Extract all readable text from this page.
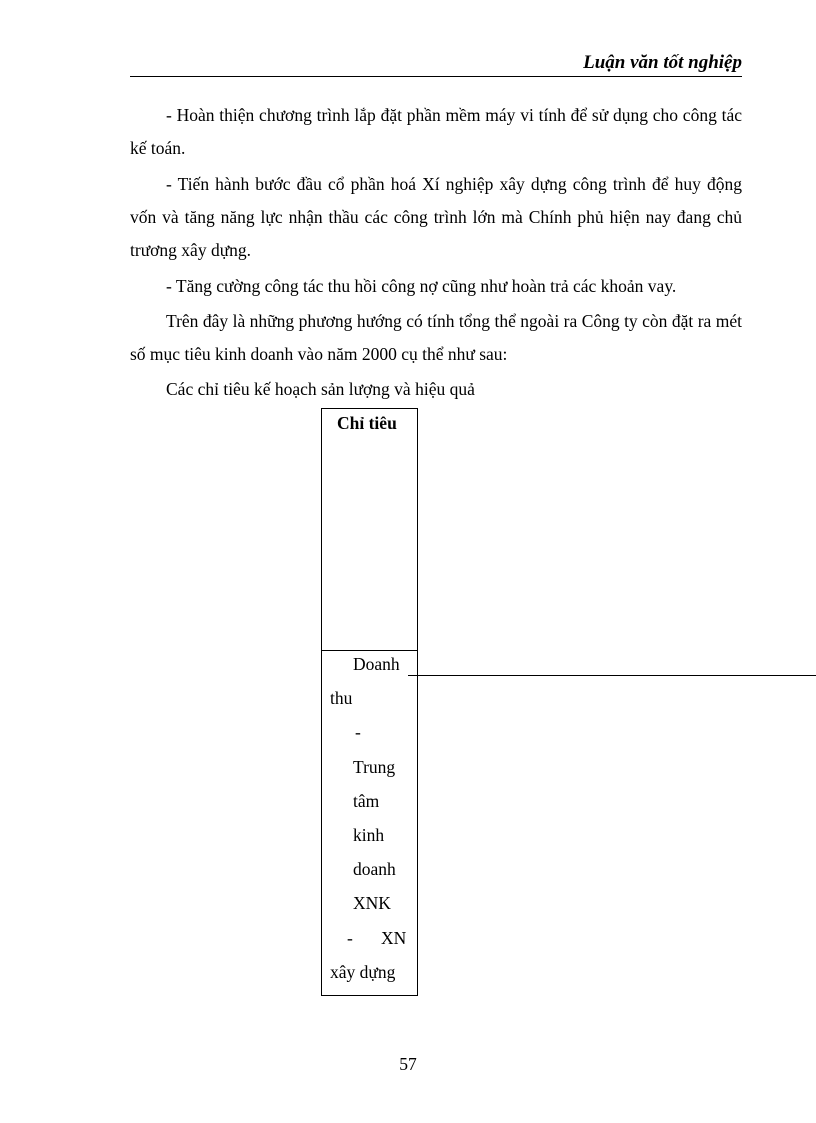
Luận văn tốt nghiệp

- Hoàn thiện chương trình lắp đặt phần mềm máy vi tính để sử dụng cho công tác kế toán.

- Tiến hành bước đầu cổ phần hoá Xí nghiệp xây dựng công trình để huy động vốn và tăng năng lực nhận thầu các công trình lớn mà Chính phủ hiện nay đang chủ trương xây dựng.

- Tăng cường công tác thu hồi công nợ cũng như hoàn trả các khoản vay.

Trên đây là những phương hướng có tính tổng thể ngoài ra Công ty còn đặt ra mét số mục tiêu kinh doanh vào năm 2000 cụ thể như sau:

Các chỉ tiêu kế hoạch sản lượng và hiệu quả

Chỉ tiêu
Doanh
thu
-
Trung
tâm
kinh
doanh
XNK
- XN
xây dựng
57
